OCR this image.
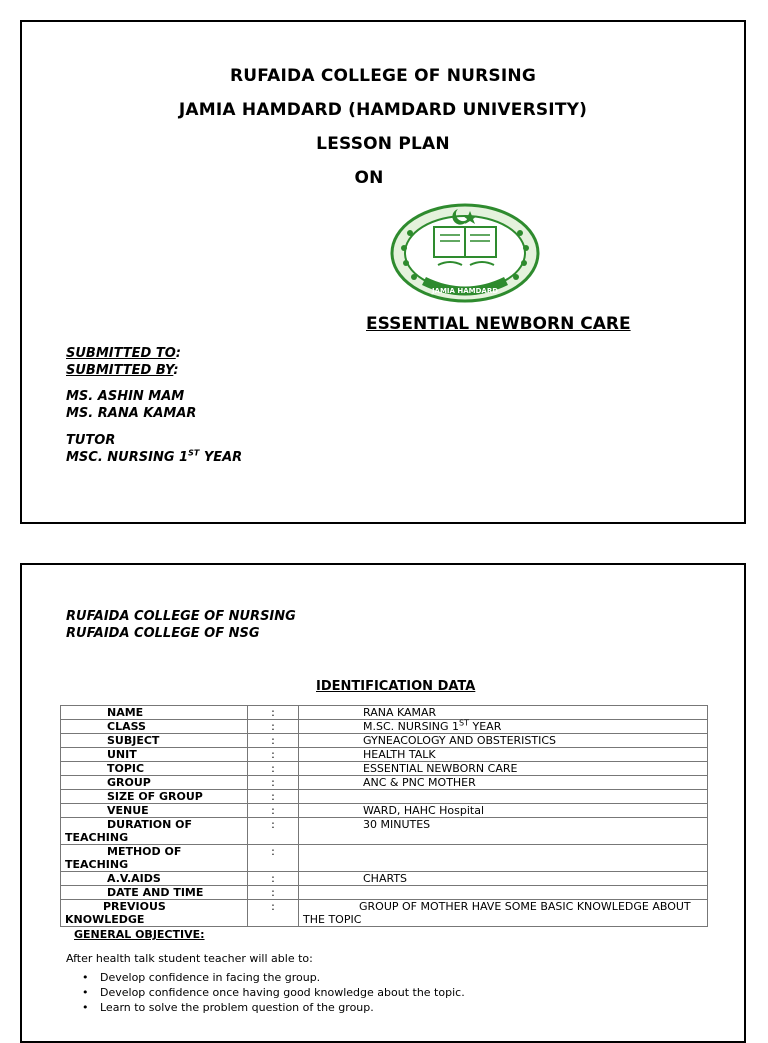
RUFAIDA COLLEGE OF NURSING
JAMIA HAMDARD (HAMDARD UNIVERSITY)
LESSON PLAN
ON
JAMIA HAMDARD
ESSENTIAL NEWBORN CARE
SUBMITTED TO:
SUBMITTED BY:
MS. ASHIN MAM
MS. RANA KAMAR
TUTOR
MSC. NURSING 1ST YEAR
RUFAIDA COLLEGE OF NURSING
RUFAIDA COLLEGE OF NSG
IDENTIFICATION DATA
NAME	:	RANA KAMAR
CLASS	:	M.SC. NURSING 1ST YEAR
SUBJECT	:	GYNEACOLOGY AND OBSTERISTICS
UNIT	:	HEALTH TALK
TOPIC	:	ESSENTIAL NEWBORN CARE
GROUP	:	ANC & PNC MOTHER
SIZE OF GROUP	:	
VENUE	:	WARD, HAHC Hospital
DURATION OF
TEACHING	:	30 MINUTES
METHOD OF
TEACHING	:	
A.V.AIDS	:	CHARTS
DATE AND TIME	:	
PREVIOUS
KNOWLEDGE	:	GROUP OF MOTHER HAVE SOME BASIC KNOWLEDGE ABOUT
THE TOPIC
GENERAL OBJECTIVE:
After health talk student teacher will able to:
• Develop confidence in facing the group.
• Develop confidence once having good knowledge about the topic.
• Learn to solve the problem question of the group.
